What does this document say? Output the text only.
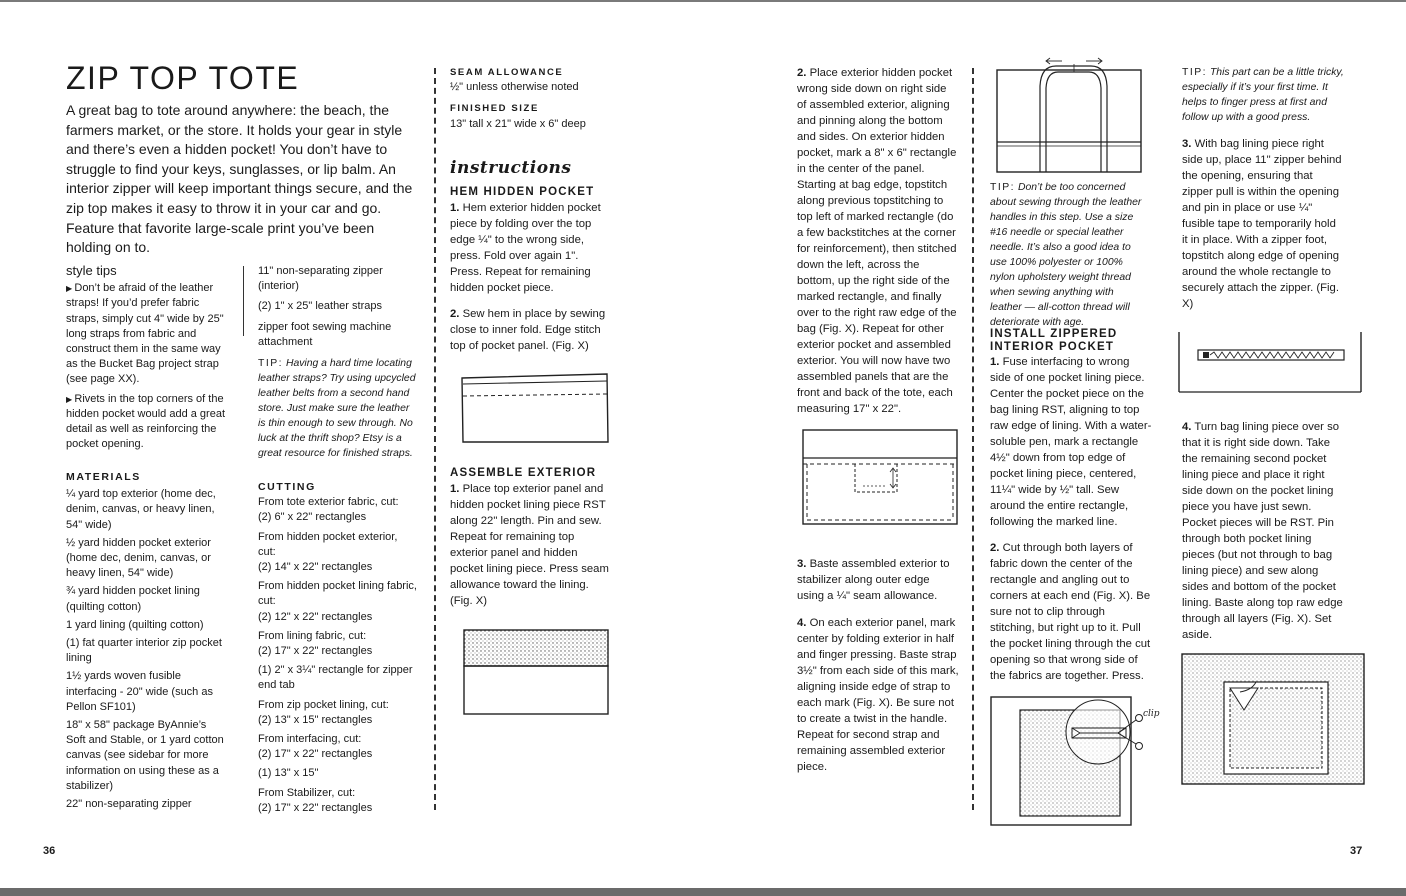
ZIP TOP TOTE

A great bag to tote around anywhere: the beach, the farmers market, or the store. It holds your gear in style and there’s even a hidden pocket! You don’t have to struggle to find your keys, sunglasses, or lip balm. An interior zipper will keep important things secure, and the zip top makes it easy to throw it in your car and go. Feature that favorite large-scale print you’ve been holding on to.

style tips
▶ Don’t be afraid of the leather straps! If you’d prefer fabric straps, simply cut 4" wide by 25" long straps from fabric and construct them in the same way as the Bucket Bag project strap (see page XX).
▶ Rivets in the top corners of the hidden pocket would add a great detail as well as reinforcing the pocket opening.
MATERIALS

¼ yard top exterior (home dec, denim, canvas, or heavy linen, 54" wide)

½ yard hidden pocket exterior (home dec, denim, canvas, or heavy linen, 54" wide)

¾ yard hidden pocket lining (quilting cotton)

1 yard lining (quilting cotton)

(1) fat quarter interior zip pocket lining

1½ yards woven fusible interfacing - 20" wide (such as Pellon SF101)

18" x 58" package ByAnnie’s Soft and Stable, or 1 yard cotton canvas (see sidebar for more information on using these as a stabilizer)

22" non-separating zipper

11" non-separating zipper (interior)

(2) 1" x 25" leather straps

zipper foot sewing machine attachment

TIP: Having a hard time locating leather straps? Try using upcycled leather belts from a second hand store. Just make sure the leather is thin enough to sew through. No luck at the thrift shop? Etsy is a great resource for finished straps.
CUTTING

From tote exterior fabric, cut:
(2) 6" x 22" rectangles

From hidden pocket exterior, cut:
(2) 14" x 22" rectangles

From hidden pocket lining fabric, cut:
(2) 12" x 22" rectangles

From lining fabric, cut:
(2) 17" x 22" rectangles

(1) 2" x 3¼" rectangle for zipper end tab

From zip pocket lining, cut:
(2) 13" x 15" rectangles

From interfacing, cut:
(2) 17" x 22" rectangles

(1) 13" x 15"

From Stabilizer, cut:
(2) 17" x 22" rectangles

SEAM ALLOWANCE

½" unless otherwise noted

FINISHED SIZE

13" tall x 21" wide x 6" deep

instructions
HEM HIDDEN POCKET

1. Hem exterior hidden pocket piece by folding over the top edge ¼" to the wrong side, press. Fold over again 1". Press. Repeat for remaining hidden pocket piece.

2. Sew hem in place by sewing close to inner fold. Edge stitch top of pocket panel. (Fig. X)

ASSEMBLE EXTERIOR

1. Place top exterior panel and hidden pocket lining piece RST along 22" length. Pin and sew. Repeat for remaining top exterior panel and hidden pocket lining piece. Press seam allowance toward the lining. (Fig. X)

36

2. Place exterior hidden pocket wrong side down on right side of assembled exterior, aligning and pinning along the bottom and sides. On exterior hidden pocket, mark a 8" x 6" rectangle in the center of the panel. Starting at bag edge, topstitch along previous topstitching to top left of marked rectangle (do a few backstitches at the corner for reinforcement), then stitched down the left, across the bottom, up the right side of the marked rectangle, and finally over to the right raw edge of the bag (Fig. X). Repeat for other exterior pocket and assembled exterior. You will now have two assembled panels that are the front and back of the tote, each measuring 17" x 22".

3. Baste assembled exterior to stabilizer along outer edge using a ¼" seam allowance.

4. On each exterior panel, mark center by folding exterior in half and finger pressing. Baste strap 3½" from each side of this mark, aligning inside edge of strap to each mark (Fig. X). Be sure not to create a twist in the handle. Repeat for second strap and remaining assembled exterior piece.

TIP: Don’t be too concerned about sewing through the leather handles in this step. Use a size #16 needle or special leather needle. It’s also a good idea to use 100% polyester or 100% nylon upholstery weight thread when sewing anything with leather — all-cotton thread will deteriorate with age.
INSTALL ZIPPERED INTERIOR POCKET

1. Fuse interfacing to wrong side of one pocket lining piece. Center the pocket piece on the bag lining RST, aligning to top raw edge of lining. With a water-soluble pen, mark a rectangle 4½" down from top edge of pocket lining piece, centered, 11¼" wide by ½" tall. Sew around the entire rectangle, following the marked line.

2. Cut through both layers of fabric down the center of the rectangle and angling out to corners at each end (Fig. X). Be sure not to clip through stitching, but right up to it. Pull the pocket lining through the cut opening so that wrong side of the fabrics are together. Press.

clip
TIP: This part can be a little tricky, especially if it’s your first time. It helps to finger press at first and follow up with a good press.

3. With bag lining piece right side up, place 11" zipper behind the opening, ensuring that zipper pull is within the opening and pin in place or use ¼" fusible tape to temporarily hold it in place. With a zipper foot, topstitch along edge of opening around the whole rectangle to securely attach the zipper. (Fig. X)

4. Turn bag lining piece over so that it is right side down. Take the remaining second pocket lining piece and place it right side down on the pocket lining piece you have just sewn. Pocket pieces will be RST. Pin through both pocket lining pieces (but not through to bag lining piece) and sew along sides and bottom of the pocket lining. Baste along top raw edge through all layers (Fig. X). Set aside.

37
